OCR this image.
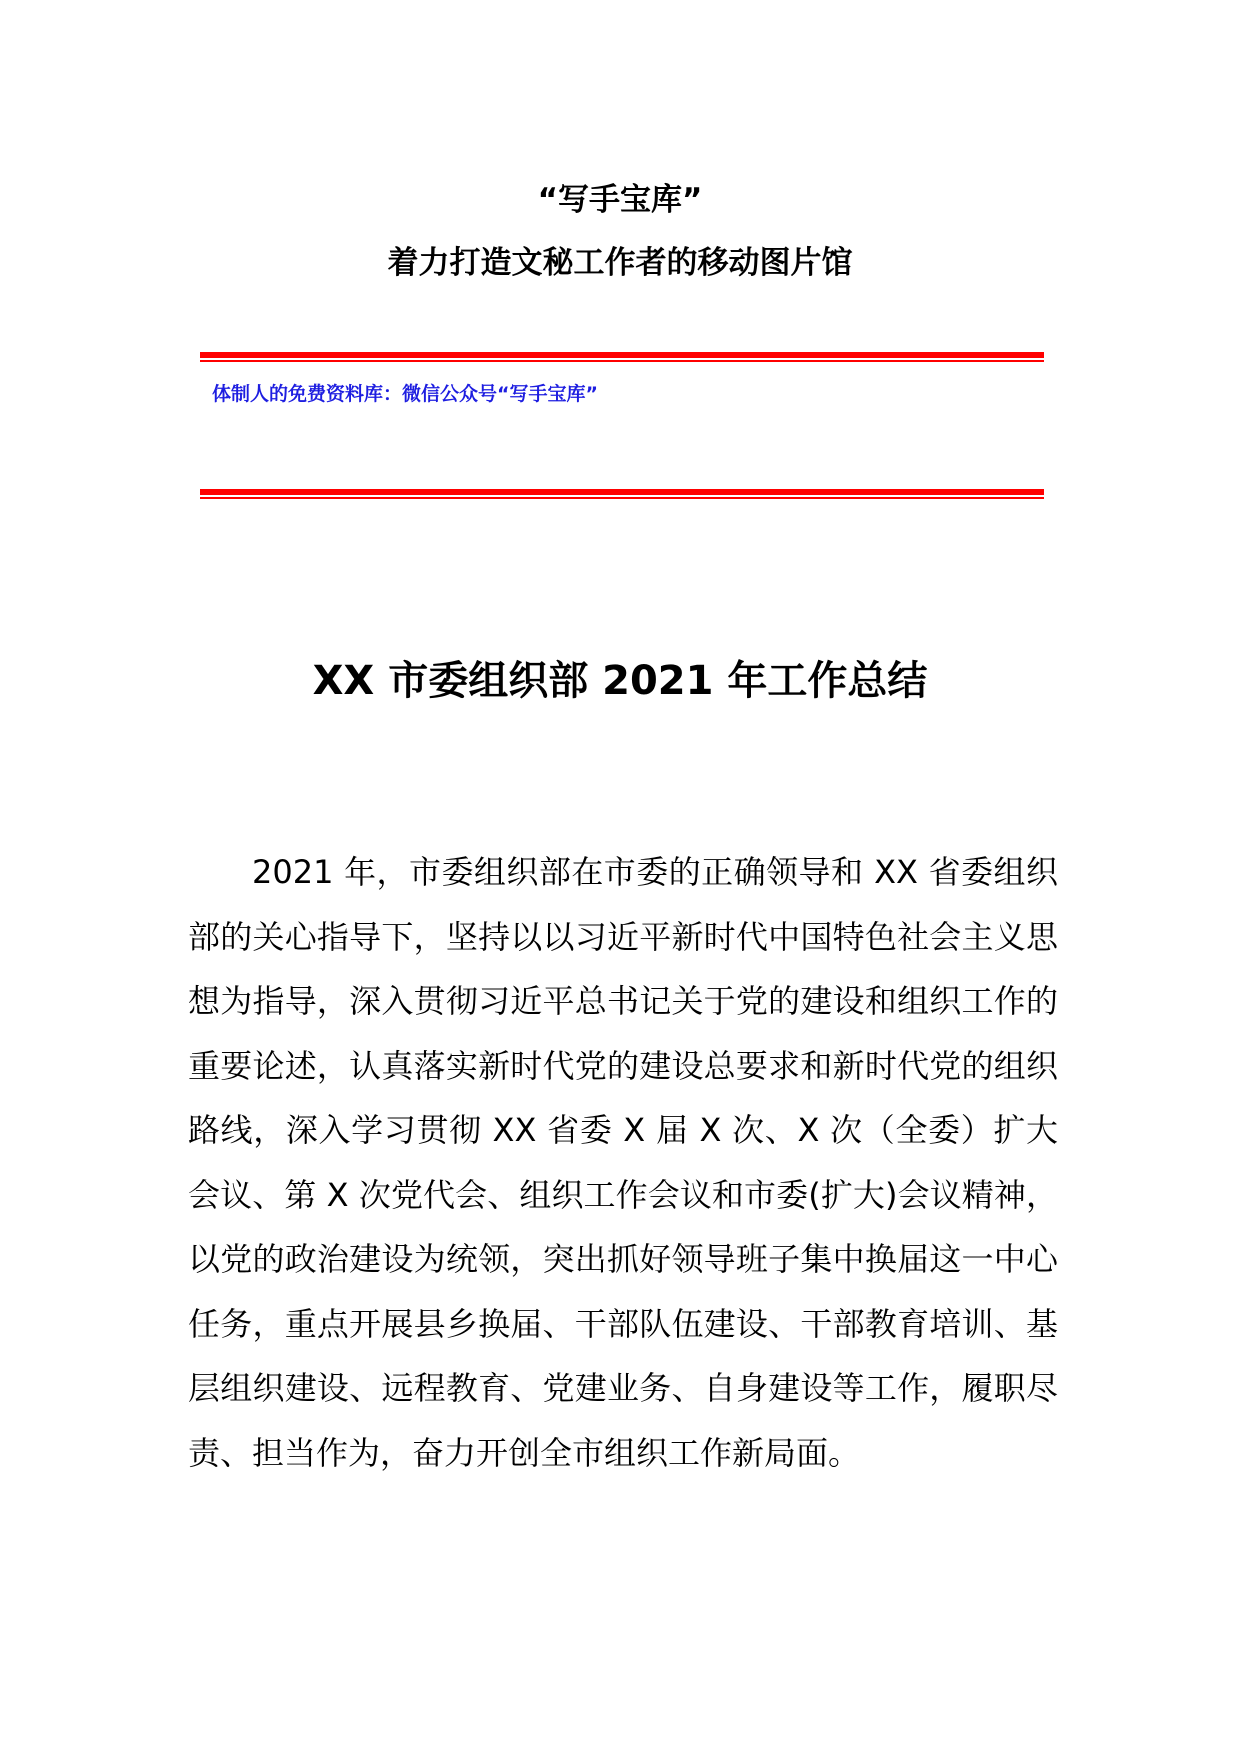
“写手宝库”
着力打造文秘工作者的移动图片馆

体制人的免费资料库：微信公众号“写手宝库”

XX 市委组织部 2021 年工作总结

2021 年，市委组织部在市委的正确领导和 XX 省委组织部的关心指导下，坚持以以习近平新时代中国特色社会主义思想为指导，深入贯彻习近平总书记关于党的建设和组织工作的重要论述，认真落实新时代党的建设总要求和新时代党的组织路线，深入学习贯彻 XX 省委 X 届 X 次、X 次（全委）扩大会议、第 X 次党代会、组织工作会议和市委(扩大)会议精神，以党的政治建设为统领，突出抓好领导班子集中换届这一中心任务，重点开展县乡换届、干部队伍建设、干部教育培训、基层组织建设、远程教育、党建业务、自身建设等工作，履职尽责、担当作为，奋力开创全市组织工作新局面。
